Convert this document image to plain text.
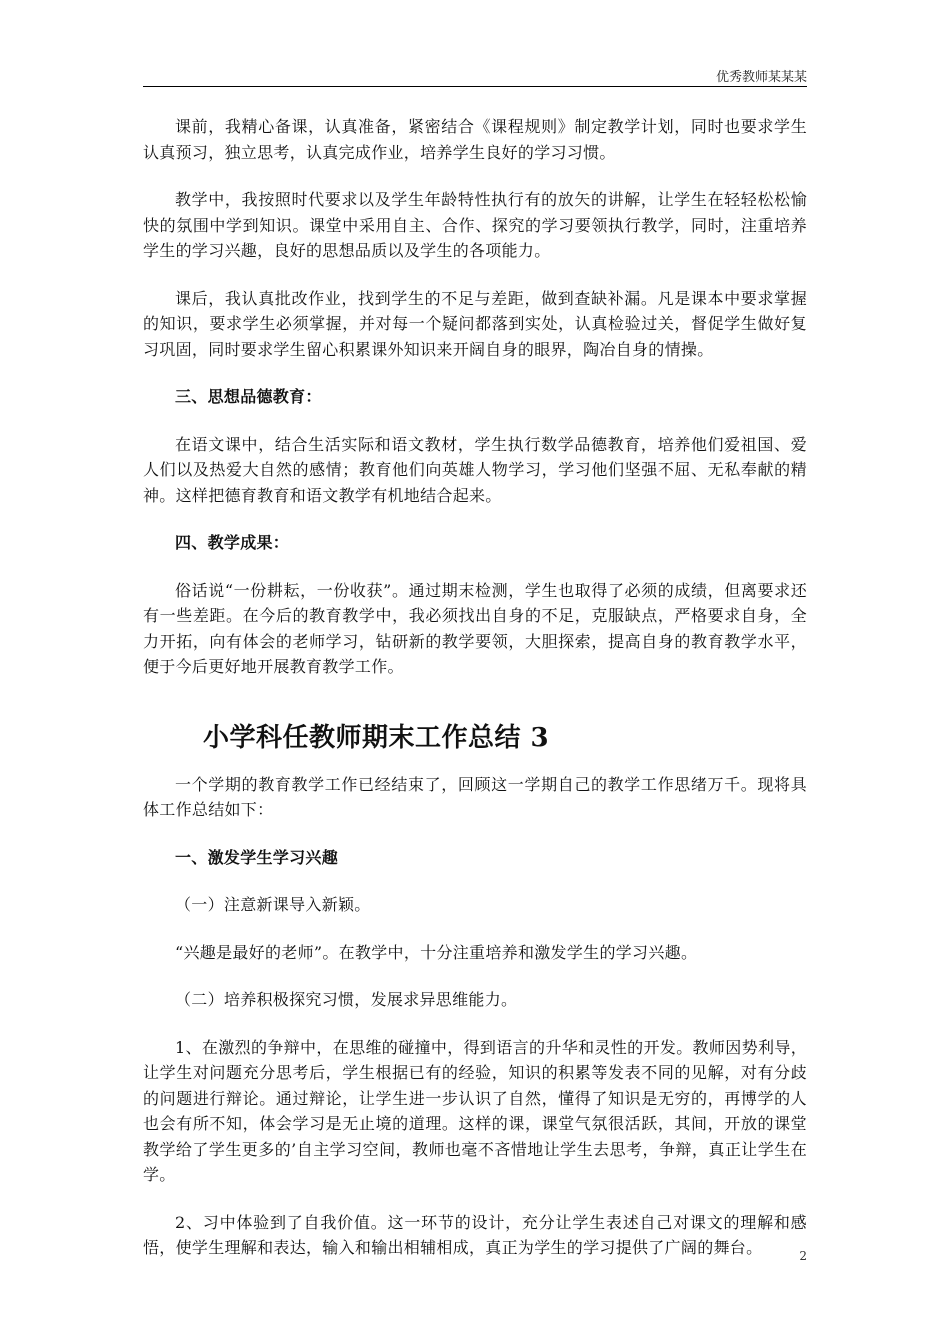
优秀教师某某某

课前，我精心备课，认真准备，紧密结合《课程规则》制定教学计划，同时也要求学生认真预习，独立思考，认真完成作业，培养学生良好的学习习惯。

教学中，我按照时代要求以及学生年龄特性执行有的放矢的讲解，让学生在轻轻松松愉快的氛围中学到知识。课堂中采用自主、合作、探究的学习要领执行教学，同时，注重培养学生的学习兴趣，良好的思想品质以及学生的各项能力。

课后，我认真批改作业，找到学生的不足与差距，做到查缺补漏。凡是课本中要求掌握的知识，要求学生必须掌握，并对每一个疑问都落到实处，认真检验过关，督促学生做好复习巩固，同时要求学生留心积累课外知识来开阔自身的眼界，陶冶自身的情操。

三、思想品德教育：

在语文课中，结合生活实际和语文教材，学生执行数学品德教育，培养他们爱祖国、爱人们以及热爱大自然的感情；教育他们向英雄人物学习，学习他们坚强不屈、无私奉献的精神。这样把德育教育和语文教学有机地结合起来。

四、教学成果：

俗话说“一份耕耘，一份收获”。通过期末检测，学生也取得了必须的成绩，但离要求还有一些差距。在今后的教育教学中，我必须找出自身的不足，克服缺点，严格要求自身，全力开拓，向有体会的老师学习，钻研新的教学要领，大胆探索，提高自身的教育教学水平，便于今后更好地开展教育教学工作。

小学科任教师期末工作总结 3

一个学期的教育教学工作已经结束了，回顾这一学期自己的教学工作思绪万千。现将具体工作总结如下：

一、激发学生学习兴趣

（一）注意新课导入新颖。

“兴趣是最好的老师”。在教学中，十分注重培养和激发学生的学习兴趣。

（二）培养积极探究习惯，发展求异思维能力。

1、在激烈的争辩中，在思维的碰撞中，得到语言的升华和灵性的开发。教师因势利导，让学生对问题充分思考后，学生根据已有的经验，知识的积累等发表不同的见解，对有分歧的问题进行辩论。通过辩论，让学生进一步认识了自然，懂得了知识是无穷的，再博学的人也会有所不知，体会学习是无止境的道理。这样的课，课堂气氛很活跃，其间，开放的课堂教学给了学生更多的’自主学习空间，教师也毫不吝惜地让学生去思考，争辩，真正让学生在学。

2、习中体验到了自我价值。这一环节的设计，充分让学生表述自己对课文的理解和感悟，使学生理解和表达，输入和输出相辅相成，真正为学生的学习提供了广阔的舞台。	2
